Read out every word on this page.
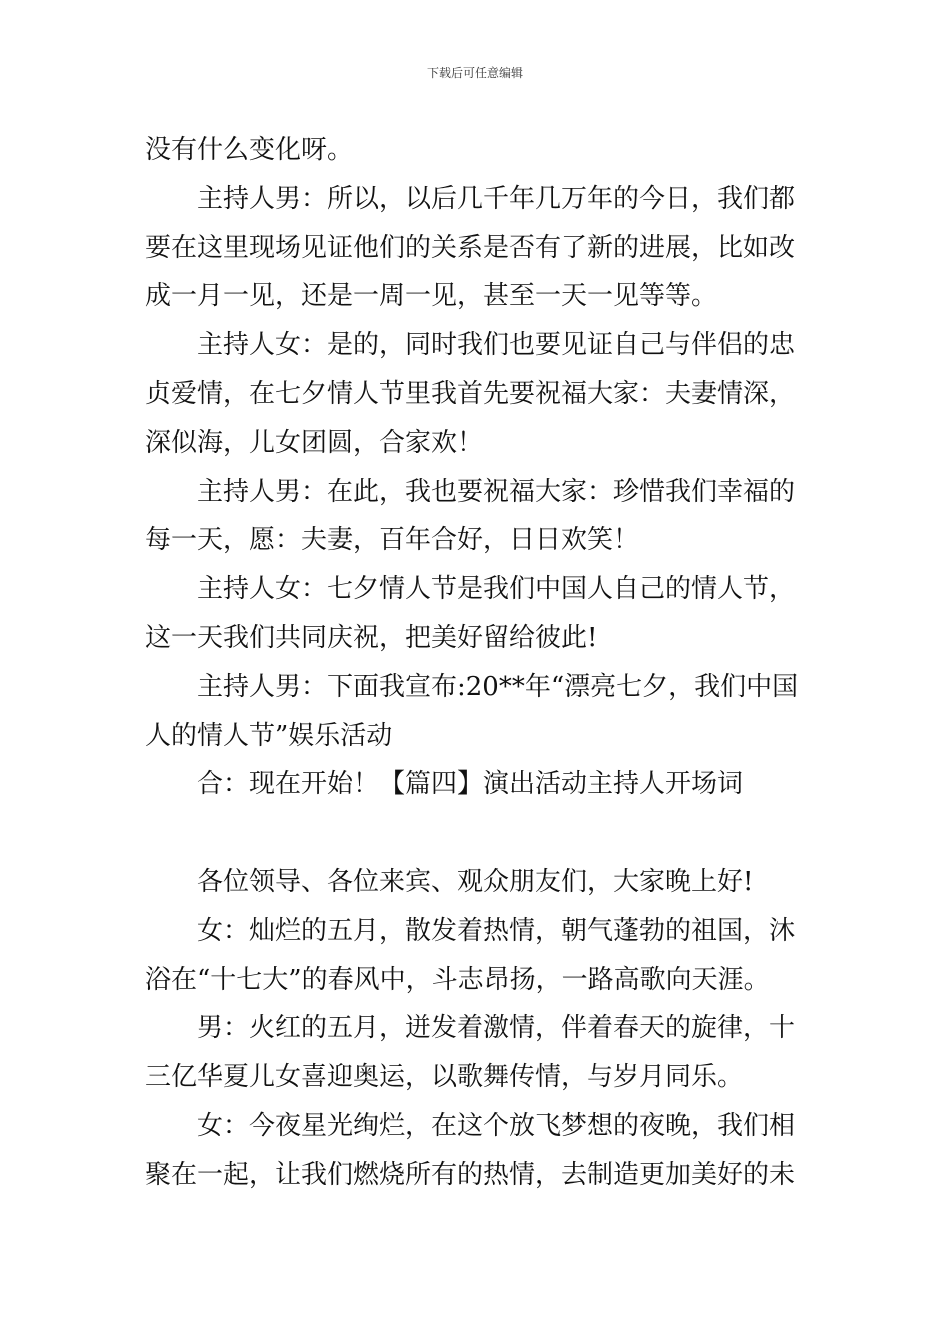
下载后可任意编辑
没有什么变化呀。
主持人男：所以，以后几千年几万年的今日，我们都
要在这里现场见证他们的关系是否有了新的进展，比如改
成一月一见，还是一周一见，甚至一天一见等等。
主持人女：是的，同时我们也要见证自己与伴侣的忠
贞爱情，在七夕情人节里我首先要祝福大家：夫妻情深，
深似海，儿女团圆，合家欢！
主持人男：在此，我也要祝福大家：珍惜我们幸福的
每一天，愿：夫妻，百年合好，日日欢笑！
主持人女：七夕情人节是我们中国人自己的情人节，
这一天我们共同庆祝，把美好留给彼此!
主持人男：下面我宣布:20**年“漂亮七夕，我们中国
人的情人节”娱乐活动
合：现在开始！【篇四】演出活动主持人开场词
各位领导、各位来宾、观众朋友们，大家晚上好!
女：灿烂的五月，散发着热情，朝气蓬勃的祖国，沐
浴在“十七大”的春风中，斗志昂扬，一路高歌向天涯。
男：火红的五月，迸发着激情，伴着春天的旋律，十
三亿华夏儿女喜迎奥运，以歌舞传情，与岁月同乐。
女：今夜星光绚烂，在这个放飞梦想的夜晚，我们相
聚在一起，让我们燃烧所有的热情，去制造更加美好的未
